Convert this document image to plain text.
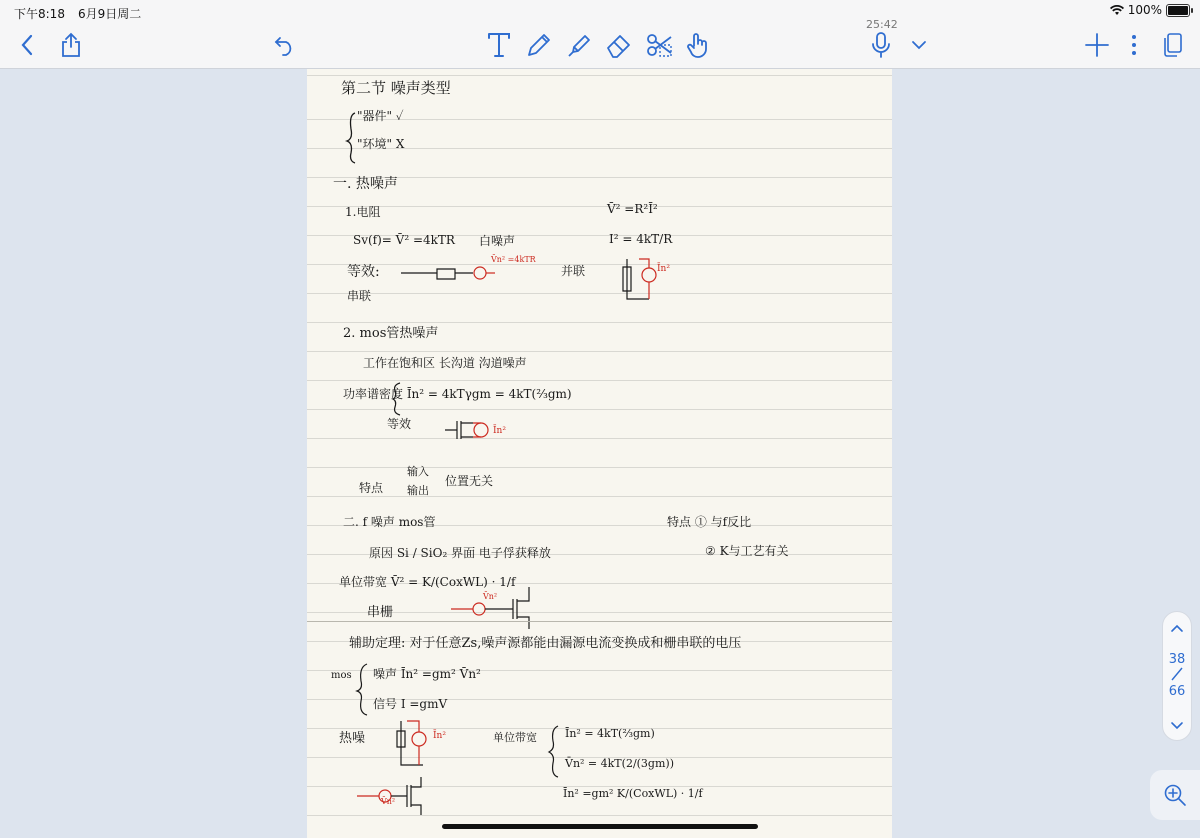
下午8:18 6月9日周二	100%
25:42
第二节 噪声类型
"器件" ✓
"环境" X
一. 热噪声
1.电阻	V̄² =R²Ī²
Sv(f)= V̄² =4kTR 白噪声	I² = 4kT/R
等效:
串联
并联
V̄n² =4kTR
Īn²
2. mos管热噪声
工作在饱和区 长沟道 沟道噪声
功率谱密度 Īn² = 4kTγgm = 4kT(⅔gm)
等效	Īn²
特点
输入
输出
位置无关
二. f 噪声 mos管	特点 ① 与f反比
② K与工艺有关
原因 Si / SiO₂ 界面 电子俘获释放
单位带宽 V̄² = K/(CoxWL) · 1/f
串栅
V̄n²
辅助定理: 对于任意Zs,噪声源都能由漏源电流变换成和栅串联的电压
mos 噪声 Īn² =gm² V̄n²
信号 I =gmV
热噪	Īn²	单位带宽	Īn² = 4kT(⅔gm)
V̄n² = 4kT(2/(3gm))
V̄n²
Īn² =gm² K/(CoxWL) · 1/f
38
66
